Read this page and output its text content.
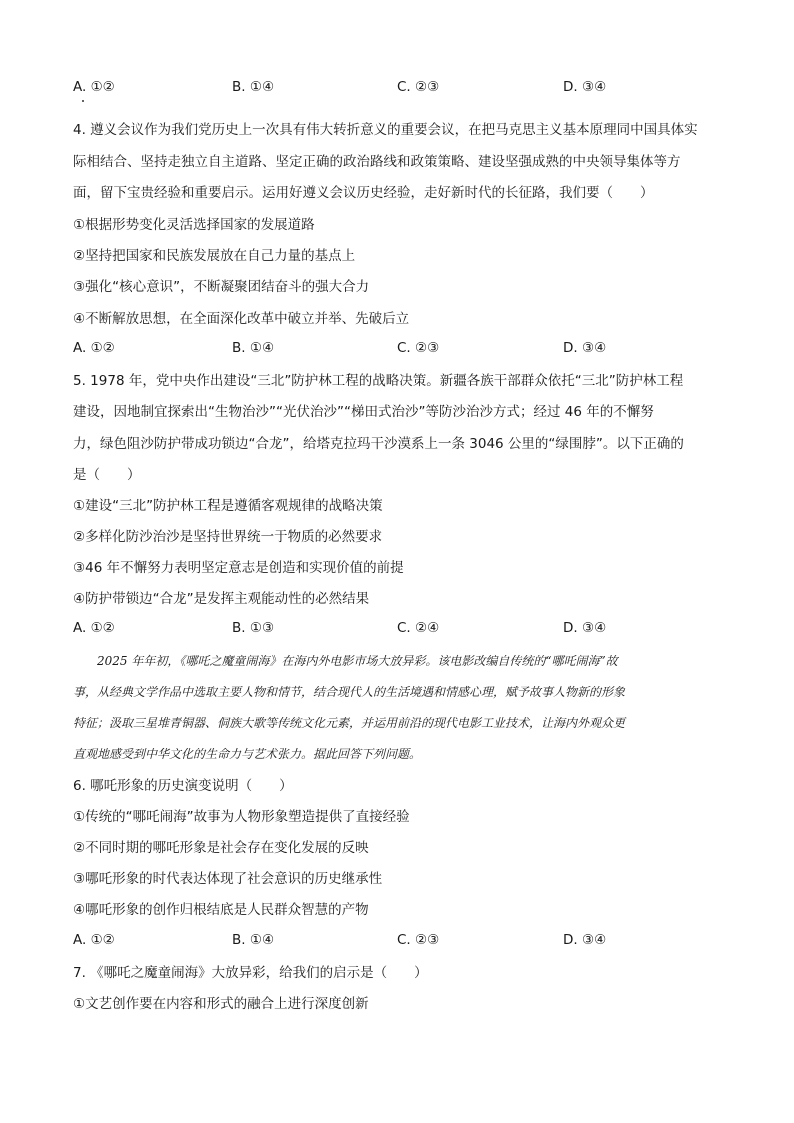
A. ①②	B. ①④	C. ②③	D. ③④
4. 遵义会议作为我们党历史上一次具有伟大转折意义的重要会议，在把马克思主义基本原理同中国具体实
际相结合、坚持走独立自主道路、坚定正确的政治路线和政策策略、建设坚强成熟的中央领导集体等方
面，留下宝贵经验和重要启示。运用好遵义会议历史经验，走好新时代的长征路，我们要（　　）
①根据形势变化灵活选择国家的发展道路
②坚持把国家和民族发展放在自己力量的基点上
③强化“核心意识”，不断凝聚团结奋斗的强大合力
④不断解放思想，在全面深化改革中破立并举、先破后立
A. ①②	B. ①④	C. ②③	D. ③④
5. 1978 年，党中央作出建设“三北”防护林工程的战略决策。新疆各族干部群众依托“三北”防护林工程
建设，因地制宜探索出“生物治沙”“光伏治沙”“梯田式治沙”等防沙治沙方式；经过 46 年的不懈努
力，绿色阻沙防护带成功锁边“合龙”，给塔克拉玛干沙漠系上一条 3046 公里的“绿围脖”。以下正确的
是（　　）
①建设“三北”防护林工程是遵循客观规律的战略决策
②多样化防沙治沙是坚持世界统一于物质的必然要求
③46 年不懈努力表明坚定意志是创造和实现价值的前提
④防护带锁边“合龙”是发挥主观能动性的必然结果
A. ①②	B. ①③	C. ②④	D. ③④
　　2025 年年初，《哪吒之魔童闹海》在海内外电影市场大放异彩。该电影改编自传统的“哪吒闹海”故
事，从经典文学作品中选取主要人物和情节，结合现代人的生活境遇和情感心理，赋予故事人物新的形象
特征；汲取三星堆青铜器、侗族大歌等传统文化元素，并运用前沿的现代电影工业技术，让海内外观众更
直观地感受到中华文化的生命力与艺术张力。据此回答下列问题。
6. 哪吒形象的历史演变说明（　　）
①传统的“哪吒闹海”故事为人物形象塑造提供了直接经验
②不同时期的哪吒形象是社会存在变化发展的反映
③哪吒形象的时代表达体现了社会意识的历史继承性
④哪吒形象的创作归根结底是人民群众智慧的产物
A. ①②	B. ①④	C. ②③	D. ③④
7. 《哪吒之魔童闹海》大放异彩，给我们的启示是（　　）
①文艺创作要在内容和形式的融合上进行深度创新
